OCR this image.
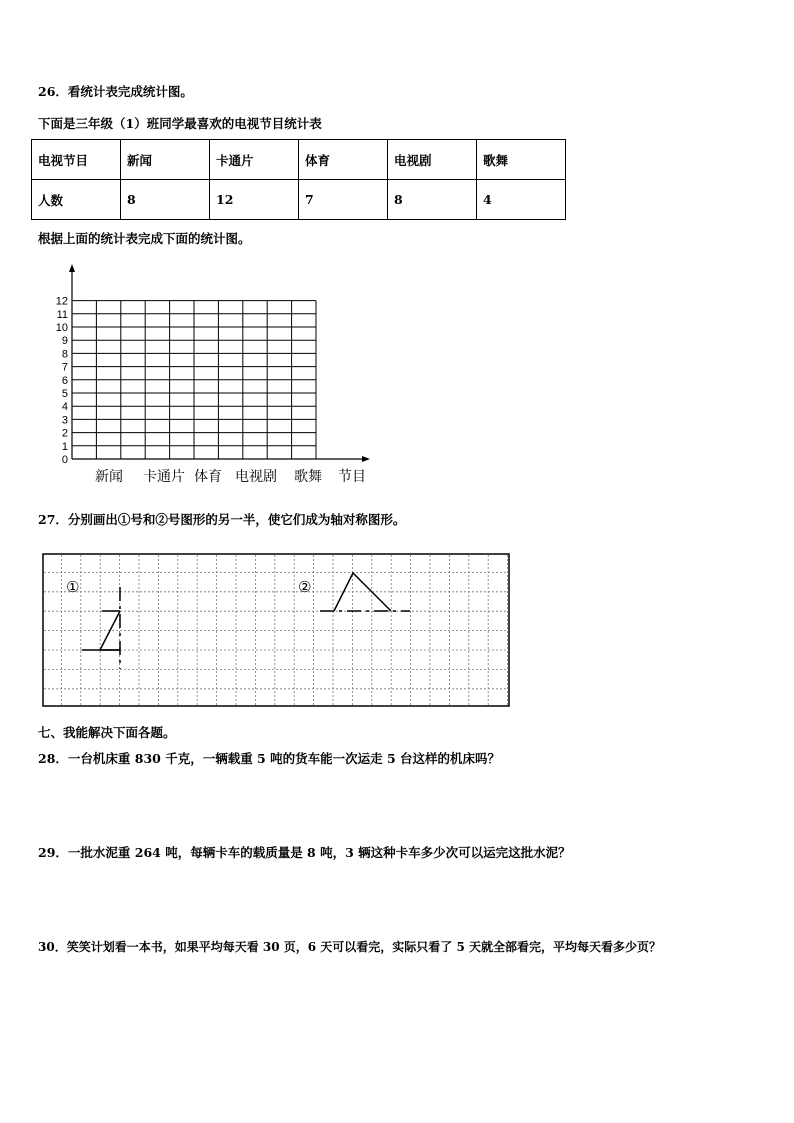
26．看统计表完成统计图。
下面是三年级（1）班同学最喜欢的电视节目统计表
电视节目	新闻	卡通片	体育	电视剧	歌舞
人数	8	12	7	8	4
根据上面的统计表完成下面的统计图。
0
1
2
3
4
5
6
7
8
9
10
11
12
新闻 卡通片 体育 电视剧 歌舞 节目
27．分别画出①号和②号图形的另一半，使它们成为轴对称图形。
①	②
七、我能解决下面各题。
28．一台机床重 830 千克，一辆载重 5 吨的货车能一次运走 5 台这样的机床吗？
29．一批水泥重 264 吨，每辆卡车的载质量是 8 吨，3 辆这种卡车多少次可以运完这批水泥？
30．笑笑计划看一本书，如果平均每天看 30 页，6 天可以看完，实际只看了 5 天就全部看完，平均每天看多少页？
